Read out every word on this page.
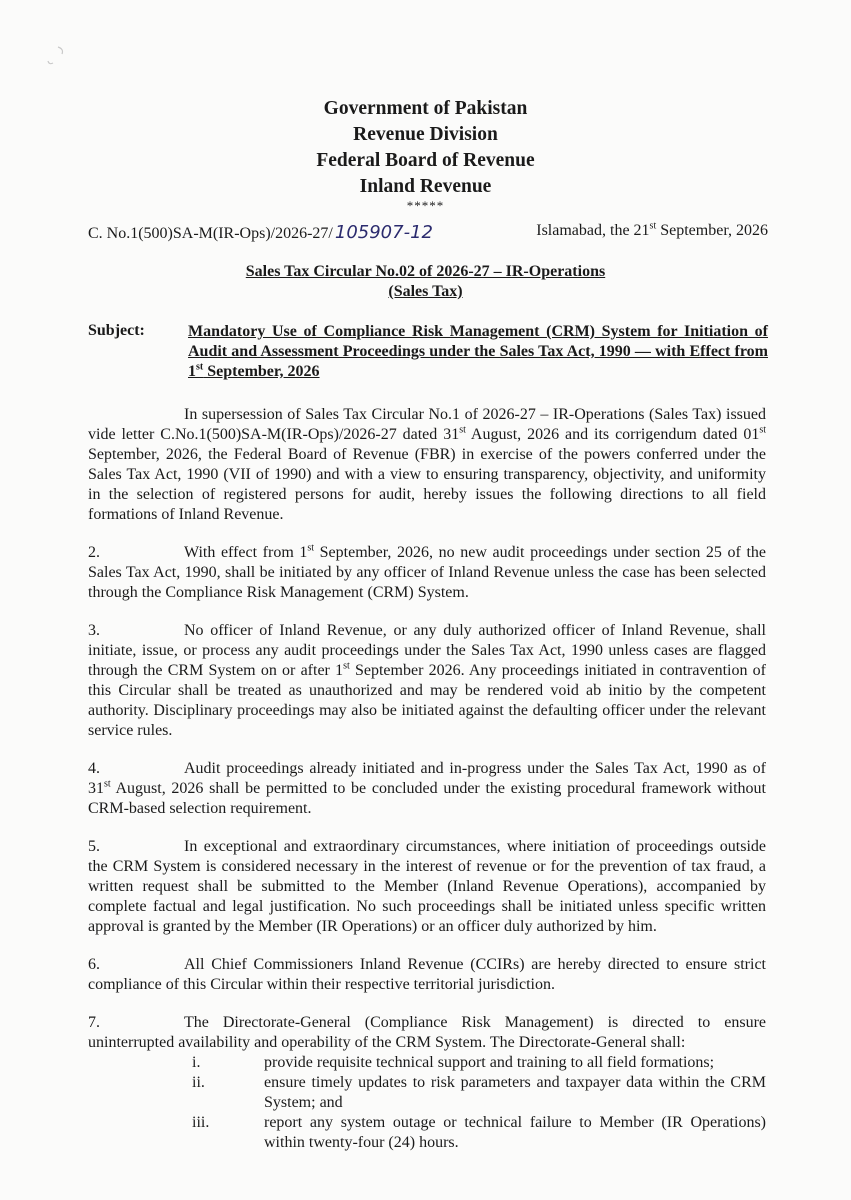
Government of Pakistan
Revenue Division
Federal Board of Revenue
Inland Revenue
*****
C. No.1(500)SA-M(IR-Ops)/2026-27/ 105907-12	Islamabad, the 21st September, 2026
Sales Tax Circular No.02 of 2026-27 – IR-Operations
(Sales Tax)
Subject:	Mandatory Use of Compliance Risk Management (CRM) System for Initiation of Audit and Assessment Proceedings under the Sales Tax Act, 1990 — with Effect from 1st September, 2026

In supersession of Sales Tax Circular No.1 of 2026-27 – IR-Operations (Sales Tax) issued vide letter C.No.1(500)SA-M(IR-Ops)/2026-27 dated 31st August, 2026 and its corrigendum dated 01st September, 2026, the Federal Board of Revenue (FBR) in exercise of the powers conferred under the Sales Tax Act, 1990 (VII of 1990) and with a view to ensuring transparency, objectivity, and uniformity in the selection of registered persons for audit, hereby issues the following directions to all field formations of Inland Revenue.

2.	With effect from 1st September, 2026, no new audit proceedings under section 25 of the Sales Tax Act, 1990, shall be initiated by any officer of Inland Revenue unless the case has been selected through the Compliance Risk Management (CRM) System.

3.	No officer of Inland Revenue, or any duly authorized officer of Inland Revenue, shall initiate, issue, or process any audit proceedings under the Sales Tax Act, 1990 unless cases are flagged through the CRM System on or after 1st September 2026. Any proceedings initiated in contravention of this Circular shall be treated as unauthorized and may be rendered void ab initio by the competent authority. Disciplinary proceedings may also be initiated against the defaulting officer under the relevant service rules.

4.	Audit proceedings already initiated and in-progress under the Sales Tax Act, 1990 as of 31st August, 2026 shall be permitted to be concluded under the existing procedural framework without CRM-based selection requirement.

5.	In exceptional and extraordinary circumstances, where initiation of proceedings outside the CRM System is considered necessary in the interest of revenue or for the prevention of tax fraud, a written request shall be submitted to the Member (Inland Revenue Operations), accompanied by complete factual and legal justification. No such proceedings shall be initiated unless specific written approval is granted by the Member (IR Operations) or an officer duly authorized by him.

6.	All Chief Commissioners Inland Revenue (CCIRs) are hereby directed to ensure strict compliance of this Circular within their respective territorial jurisdiction.

7.	The Directorate-General (Compliance Risk Management) is directed to ensure uninterrupted availability and operability of the CRM System. The Directorate-General shall:

i.	provide requisite technical support and training to all field formations;
ii.	ensure timely updates to risk parameters and taxpayer data within the CRM System; and
iii.	report any system outage or technical failure to Member (IR Operations) within twenty-four (24) hours.
